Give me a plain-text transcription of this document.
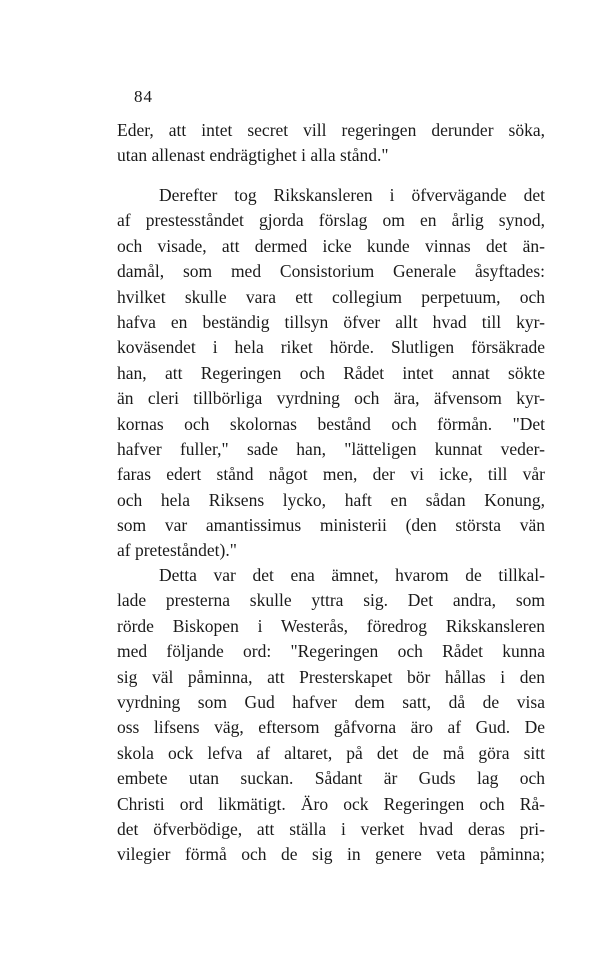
84
Eder, att intet secret vill regeringen derunder söka,
utan allenast endrägtighet i alla stånd."
Derefter tog Rikskansleren i öfvervägande det
af prestesståndet gjorda förslag om en årlig synod,
och visade, att dermed icke kunde vinnas det än-
damål, som med Consistorium Generale åsyftades:
hvilket skulle vara ett collegium perpetuum, och
hafva en beständig tillsyn öfver allt hvad till kyr-
koväsendet i hela riket hörde. Slutligen försäkrade
han, att Regeringen och Rådet intet annat sökte
än cleri tillbörliga vyrdning och ära, äfvensom kyr-
kornas och skolornas bestånd och förmån. "Det
hafver fuller," sade han, "lätteligen kunnat veder-
faras edert stånd något men, der vi icke, till vår
och hela Riksens lycko, haft en sådan Konung,
som var amantissimus ministerii (den största vän
af preteståndet)."
Detta var det ena ämnet, hvarom de tillkal-
lade presterna skulle yttra sig. Det andra, som
rörde Biskopen i Westerås, föredrog Rikskansleren
med följande ord: "Regeringen och Rådet kunna
sig väl påminna, att Presterskapet bör hållas i den
vyrdning som Gud hafver dem satt, då de visa
oss lifsens väg, eftersom gåfvorna äro af Gud. De
skola ock lefva af altaret, på det de må göra sitt
embete utan suckan. Sådant är Guds lag och
Christi ord likmätigt. Äro ock Regeringen och Rå-
det öfverbödige, att ställa i verket hvad deras pri-
vilegier förmå och de sig in genere veta påminna;
